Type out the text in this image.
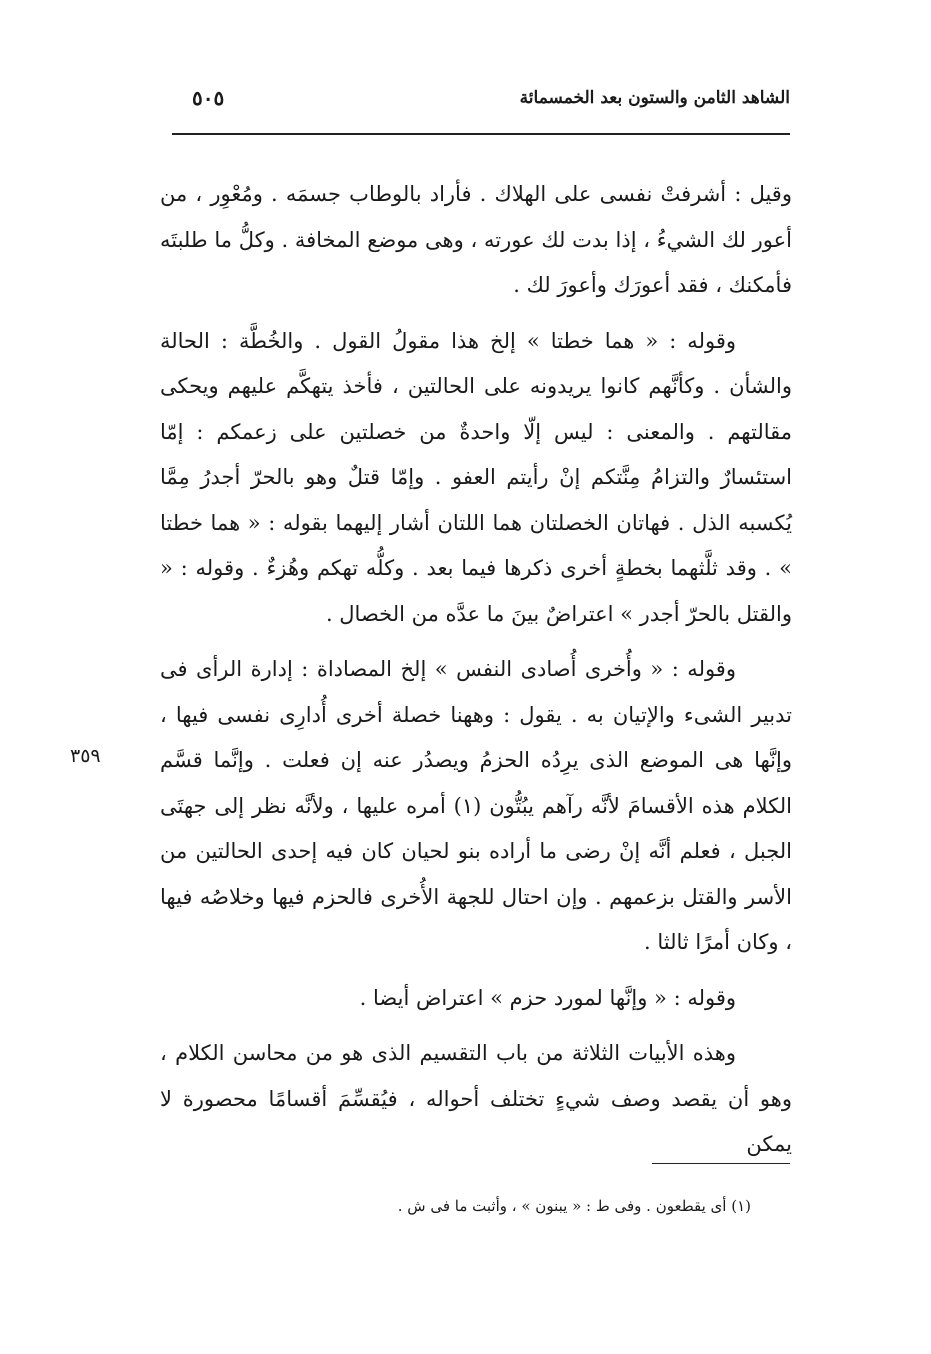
الشاهد الثامن والستون بعد الخمسمائة
٥٠٥

وقيل : أشرفتْ نفسى على الهلاك . فأراد بالوطاب جسمَه . ومُعْوِر ، من أعور لك الشيءُ ، إذا بدت لك عورته ، وهى موضع المخافة . وكلُّ ما طلبتَه فأمكنك ، فقد أعورَك وأعورَ لك .

وقوله : « هما خطتا » إلخ هذا مقولُ القول . والخُطَّة : الحالة والشأن . وكأنَّهم كانوا يريدونه على الحالتين ، فأخذ يتهكَّم عليهم ويحكى مقالتهم . والمعنى : ليس إلّا واحدةٌ من خصلتين على زعمكم : إمّا استئسارٌ والتزامُ مِنَّتكم إنْ رأيتم العفو . وإمّا قتلٌ وهو بالحرّ أجدرُ مِمَّا يُكسبه الذل . فهاتان الخصلتان هما اللتان أشار إليهما بقوله : « هما خطتا » . وقد ثلَّثهما بخطةٍ أخرى ذكرها فيما بعد . وكلُّه تهكم وهُزءٌ . وقوله : « والقتل بالحرّ أجدر » اعتراضٌ بينَ ما عدَّه من الخصال .

وقوله : « وأُخرى أُصادى النفس » إلخ المصاداة : إدارة الرأى فى تدبير الشىء والإتيان به . يقول : وههنا خصلة أخرى أُدارِى نفسى فيها ، وإنَّها هى الموضع الذى يرِدُه الحزمُ ويصدُر عنه إن فعلت . وإنَّما قسَّم الكلام هذه الأقسامَ لأنَّه رآهم يبُتُّون (١) أمره عليها ، ولأنَّه نظر إلى جهتَى الجبل ، فعلم أنَّه إنْ رضى ما أراده بنو لحيان كان فيه إحدى الحالتين من الأسر والقتل بزعمهم . وإن احتال للجهة الأُخرى فالحزم فيها وخلاصُه فيها ، وكان أمرًا ثالثا .

وقوله : « وإنَّها لمورد حزم » اعتراض أيضا .

وهذه الأبيات الثلاثة من باب التقسيم الذى هو من محاسن الكلام ، وهو أن يقصد وصف شيءٍ تختلف أحواله ، فيُقسِّمَ أقسامًا محصورة لا يمكن

٣٥٩
(١) أى يقطعون . وفى ط : « يبنون » ، وأثبت ما فى ش .
